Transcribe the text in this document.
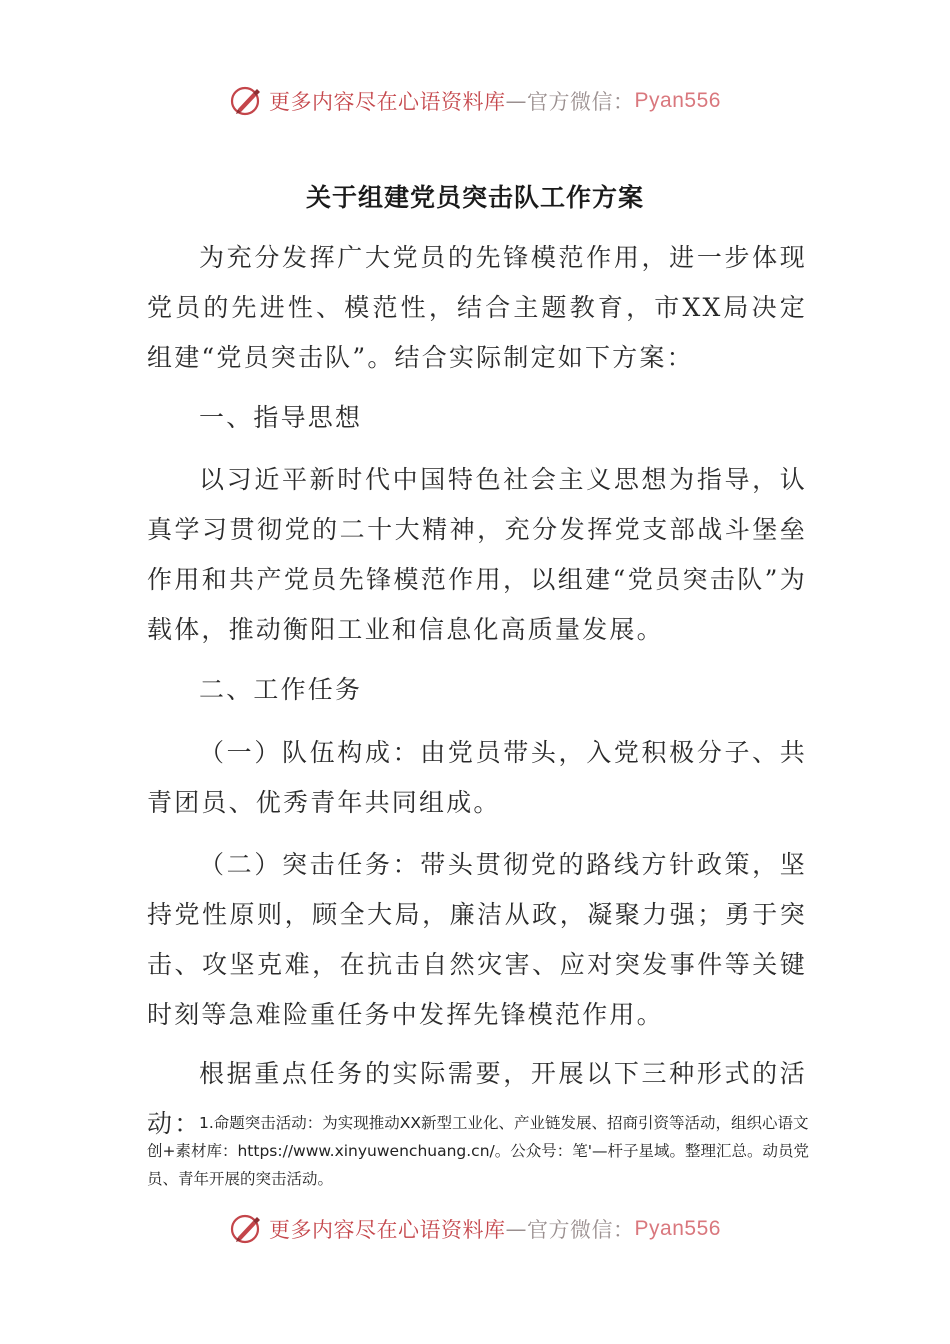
更多内容尽在心语资料库 — 官方微信： Pyan556
关于组建党员突击队工作方案
为充分发挥广大党员的先锋模范作用，进一步体现党员的先进性、模范性，结合主题教育，市XX局决定组建“党员突击队”。结合实际制定如下方案：
一、指导思想
以习近平新时代中国特色社会主义思想为指导，认真学习贯彻党的二十大精神，充分发挥党支部战斗堡垒作用和共产党员先锋模范作用，以组建“党员突击队”为载体，推动衡阳工业和信息化高质量发展。
二、工作任务
（一）队伍构成：由党员带头，入党积极分子、共青团员、优秀青年共同组成。
（二）突击任务：带头贯彻党的路线方针政策，坚持党性原则，顾全大局，廉洁从政，凝聚力强；勇于突击、攻坚克难，在抗击自然灾害、应对突发事件等关键时刻等急难险重任务中发挥先锋模范作用。
根据重点任务的实际需要，开展以下三种形式的活动：
1.命题突击活动：为实现推动XX新型工业化、产业链发展、招商引资等活动，组织心语文创+素材库：https://www.xinyuwenchuang.cn/。公众号：笔'—杆子星域。整理汇总。动员党员、青年开展的突击活动。
更多内容尽在心语资料库 — 官方微信： Pyan556
